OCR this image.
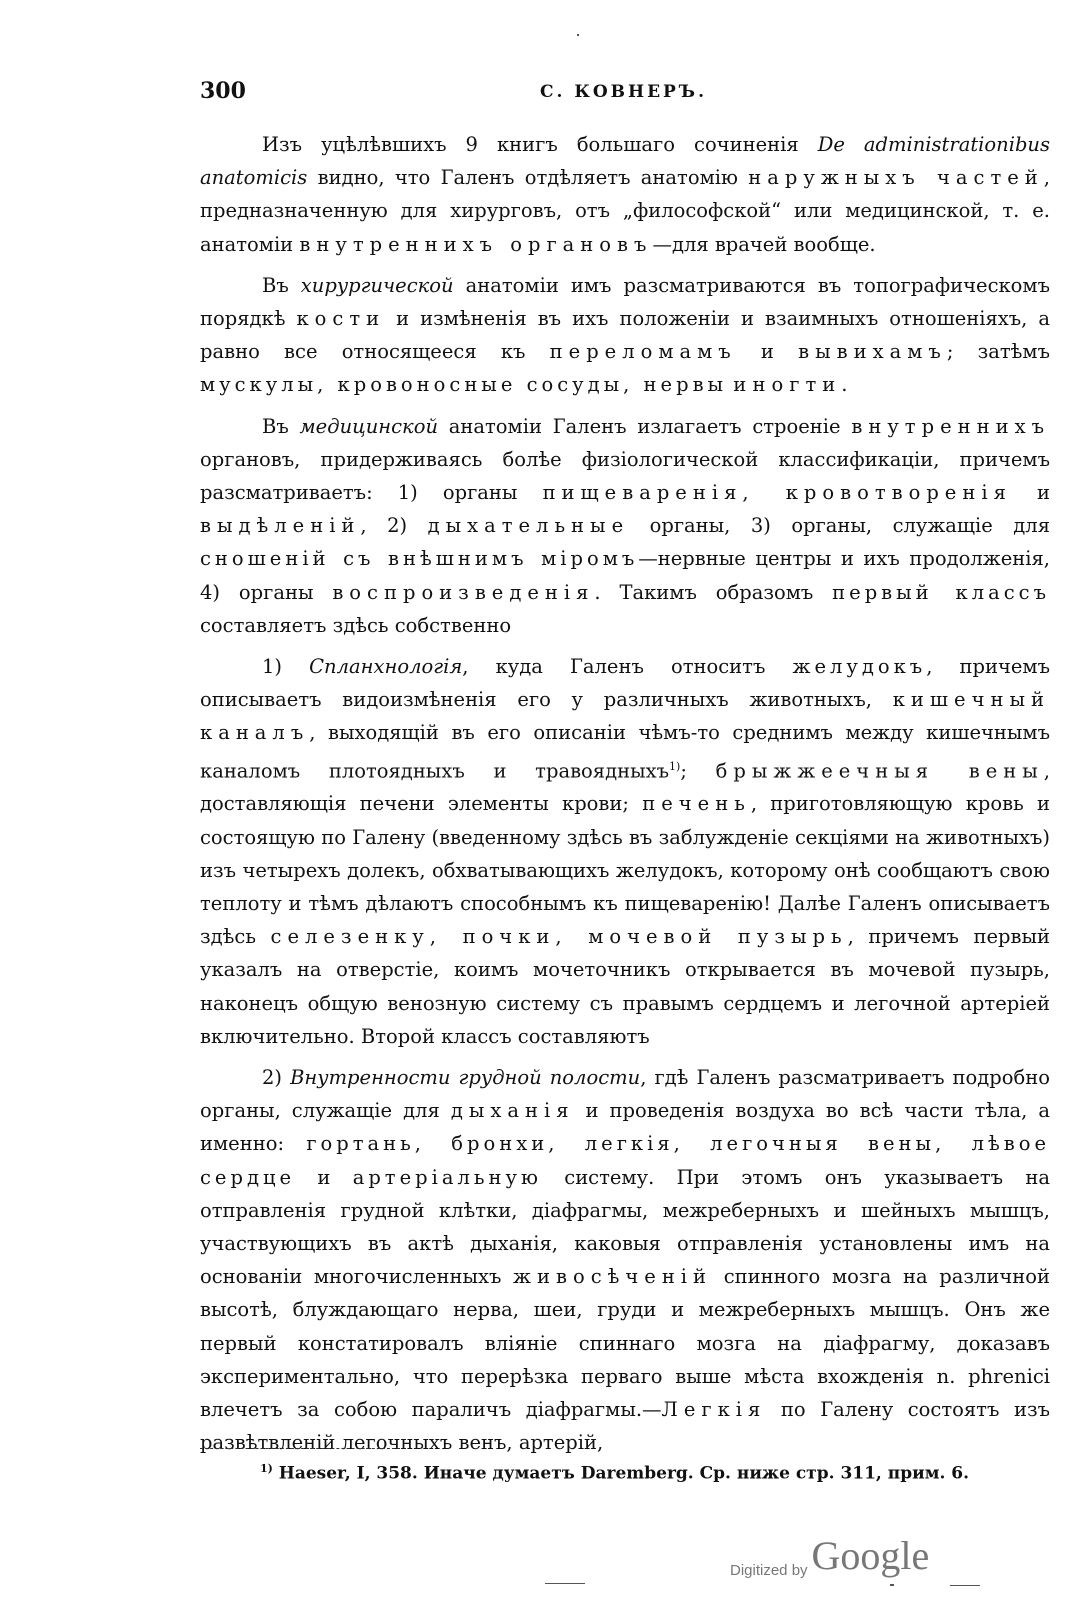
300	С. КОВНЕРЪ.

Изъ уцѣлѣвшихъ 9 книгъ большаго сочиненія De administrationibus anatomicis видно, что Галенъ отдѣляетъ анатомію наружныхъ частей, предназначенную для хирурговъ, отъ „философской“ или медицинской, т. е. анатоміи внутреннихъ органовъ—для врачей вообще.

Въ хирургической анатоміи имъ разсматриваются въ топографическомъ порядкѣ кости и измѣненія въ ихъ положеніи и взаимныхъ отношеніяхъ, а равно все относящееся къ переломамъ и вывихамъ; затѣмъ мускулы, кровоносные сосуды, нервы и ногти.

Въ медицинской анатоміи Галенъ излагаетъ строеніе внутреннихъ органовъ, придерживаясь болѣе физіологической классификаціи, причемъ разсматриваетъ: 1) органы пищеваренія, кровотворенія и выдѣленій, 2) дыхательные органы, 3) органы, служащіе для сношеній съ внѣшнимъ міромъ—нервные центры и ихъ продолженія, 4) органы воспроизведенія. Такимъ образомъ первый классъ составляетъ здѣсь собственно

1) Спланхнологія, куда Галенъ относитъ желудокъ, причемъ описываетъ видоизмѣненія его у различныхъ животныхъ, кишечный каналъ, выходящій въ его описаніи чѣмъ-то среднимъ между кишечнымъ каналомъ плотоядныхъ и травоядныхъ$^{1)}$; брыжжеечныя вены, доставляющія печени элементы крови; печень, приготовляющую кровь и состоящую по Галену (введенному здѣсь въ заблужденіе секціями на животныхъ) изъ четырехъ долекъ, обхватывающихъ желудокъ, которому онѣ сообщаютъ свою теплоту и тѣмъ дѣлаютъ способнымъ къ пищеваренію! Далѣе Галенъ описываетъ здѣсь селезенку, почки, мочевой пузырь, причемъ первый указалъ на отверстіе, коимъ мочеточникъ открывается въ мочевой пузырь, наконецъ общую венозную систему съ правымъ сердцемъ и легочной артеріей включительно. Второй классъ составляютъ

2) Внутренности грудной полости, гдѣ Галенъ разсматриваетъ подробно органы, служащіе для дыханія и проведенія воздуха во всѣ части тѣла, а именно: гортань, бронхи, легкія, легочныя вены, лѣвое сердце и артеріальную систему. При этомъ онъ указываетъ на отправленія грудной клѣтки, діафрагмы, межреберныхъ и шейныхъ мышцъ, участвующихъ въ актѣ дыханія, каковыя отправленія установлены имъ на основаніи многочисленныхъ живосѣченій спинного мозга на различной высотѣ, блуждающаго нерва, шеи, груди и межреберныхъ мышцъ. Онъ же первый констатировалъ вліяніе спиннаго мозга на діафрагму, доказавъ экспериментально, что перерѣзка перваго выше мѣста вхожденія n. phrenici влечетъ за собою параличъ діафрагмы.—Легкія по Галену состоятъ изъ развѣтвленій легочныхъ венъ, артерій,

$^{1)}$ Haeser, I, 358. Иначе думаетъ Daremberg. Ср. ниже стр. 311, прим. 6.
Digitized by Google
